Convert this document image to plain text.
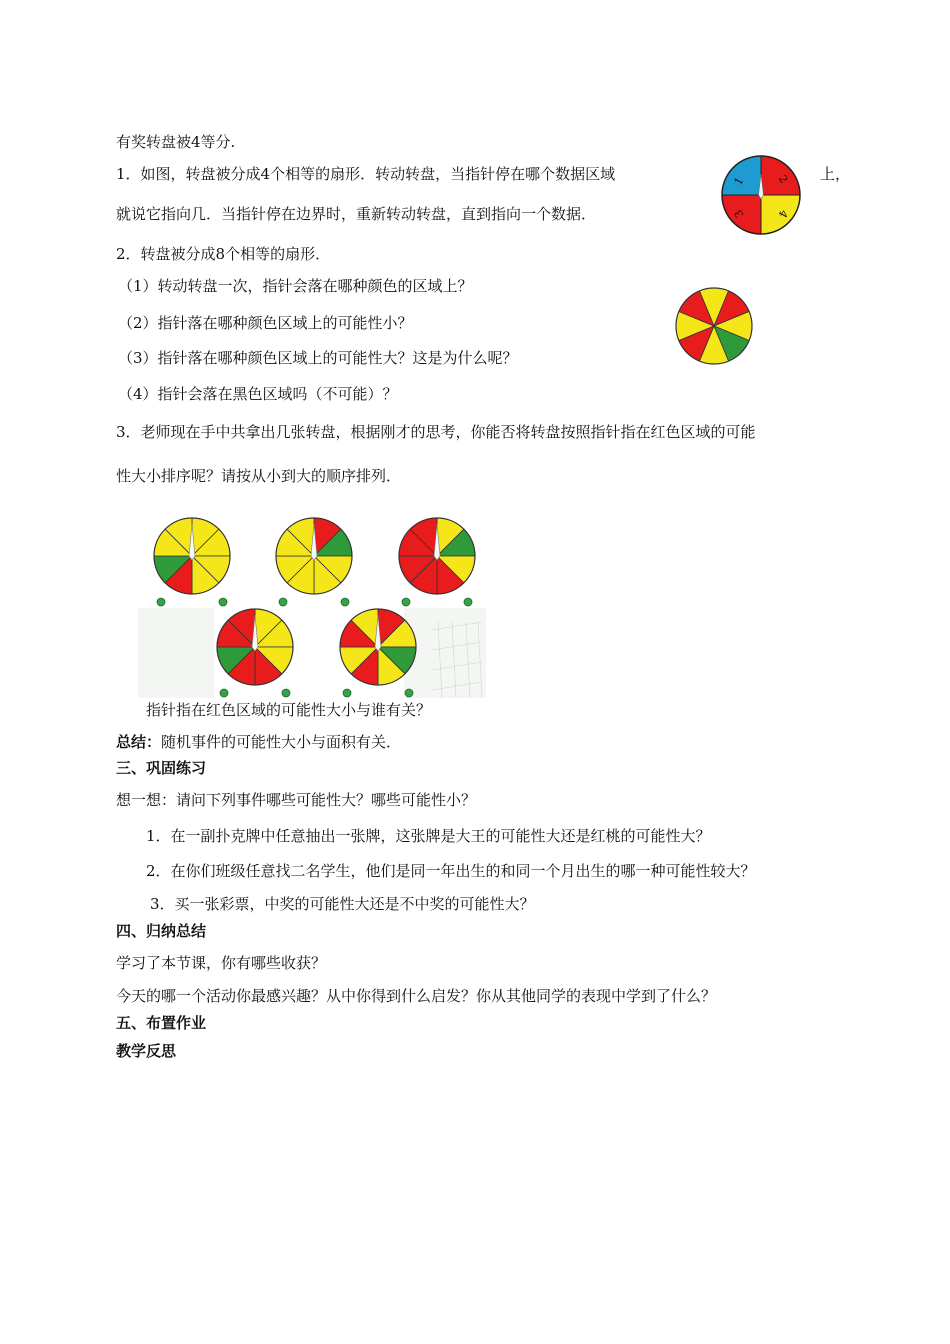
有奖转盘被4等分.
1．如图，转盘被分成4个相等的扇形．转动转盘，当指针停在哪个数据区域	上，
就说它指向几．当指针停在边界时，重新转动转盘，直到指向一个数据．
1	2
3	4
2．转盘被分成8个相等的扇形．
（1）转动转盘一次，指针会落在哪种颜色的区域上？
（2）指针落在哪种颜色区域上的可能性小？
（3）指针落在哪种颜色区域上的可能性大？这是为什么呢？
（4）指针会落在黑色区域吗（不可能）？
3．老师现在手中共拿出几张转盘，根据刚才的思考，你能否将转盘按照指针指在红色区域的可能
性大小排序呢？请按从小到大的顺序排列．
指针指在红色区域的可能性大小与谁有关？
总结：随机事件的可能性大小与面积有关．
三、巩固练习
想一想：请问下列事件哪些可能性大？哪些可能性小？
1．在一副扑克牌中任意抽出一张牌，这张牌是大王的可能性大还是红桃的可能性大？
2．在你们班级任意找二名学生，他们是同一年出生的和同一个月出生的哪一种可能性较大？
3．买一张彩票，中奖的可能性大还是不中奖的可能性大？
四、归纳总结
学习了本节课，你有哪些收获？
今天的哪一个活动你最感兴趣？从中你得到什么启发？你从其他同学的表现中学到了什么？
五、布置作业
教学反思
